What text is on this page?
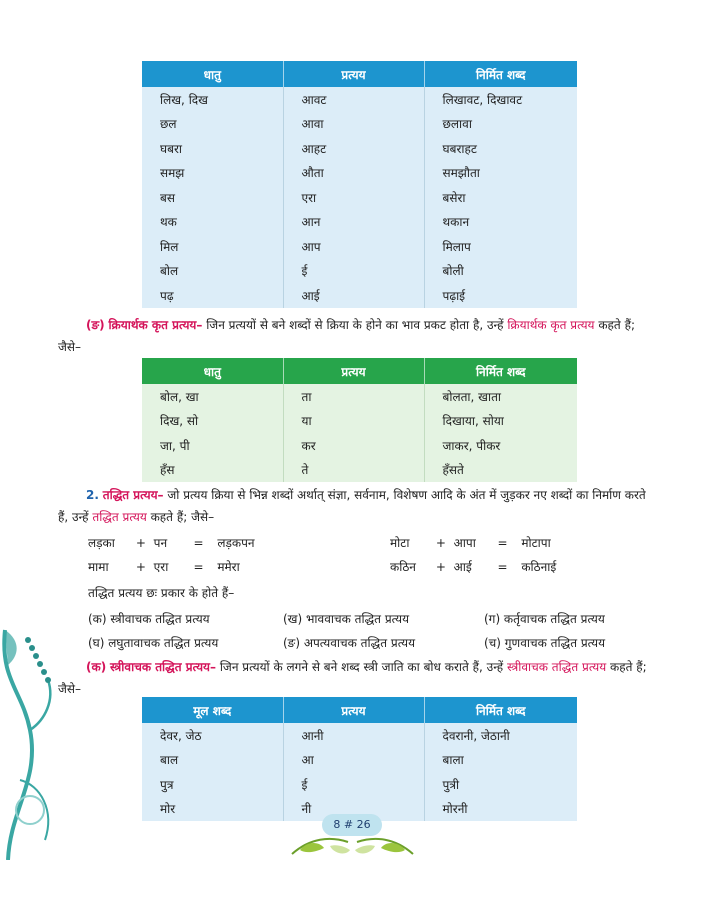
धातु	प्रत्यय	निर्मित शब्द
लिख, दिख	आवट	लिखावट, दिखावट
छल	आवा	छलावा
घबरा	आहट	घबराहट
समझ	औता	समझौता
बस	एरा	बसेरा
थक	आन	थकान
मिल	आप	मिलाप
बोल	ई	बोली
पढ़	आई	पढ़ाई
(ङ) क्रियार्थक कृत प्रत्यय– जिन प्रत्ययों से बने शब्दों से क्रिया के होने का भाव प्रकट होता है, उन्हें क्रियार्थक कृत प्रत्यय कहते हैं; जैसे–
धातु	प्रत्यय	निर्मित शब्द
बोल, खा	ता	बोलता, खाता
दिख, सो	या	दिखाया, सोया
जा, पी	कर	जाकर, पीकर
हँस	ते	हँसते
2. तद्धित प्रत्यय– जो प्रत्यय क्रिया से भिन्न शब्दों अर्थात् संज्ञा, सर्वनाम, विशेषण आदि के अंत में जुड़कर नए शब्दों का निर्माण करते हैं, उन्हें तद्धित प्रत्यय कहते हैं; जैसे–
लड़का + पन = लड़कपन	मोटा + आपा = मोटापा
मामा + एरा = ममेरा	कठिन + आई = कठिनाई
तद्धित प्रत्यय छः प्रकार के होते हैं–
(क) स्त्रीवाचक तद्धित प्रत्यय	(ख) भाववाचक तद्धित प्रत्यय	(ग) कर्तृवाचक तद्धित प्रत्यय
(घ) लघुतावाचक तद्धित प्रत्यय	(ङ) अपत्यवाचक तद्धित प्रत्यय	(च) गुणवाचक तद्धित प्रत्यय
(क) स्त्रीवाचक तद्धित प्रत्यय– जिन प्रत्ययों के लगने से बने शब्द स्त्री जाति का बोध कराते हैं, उन्हें स्त्रीवाचक तद्धित प्रत्यय कहते हैं; जैसे–
मूल शब्द	प्रत्यय	निर्मित शब्द
देवर, जेठ	आनी	देवरानी, जेठानी
बाल	आ	बाला
पुत्र	ई	पुत्री
मोर	नी	मोरनी
8 # 26
